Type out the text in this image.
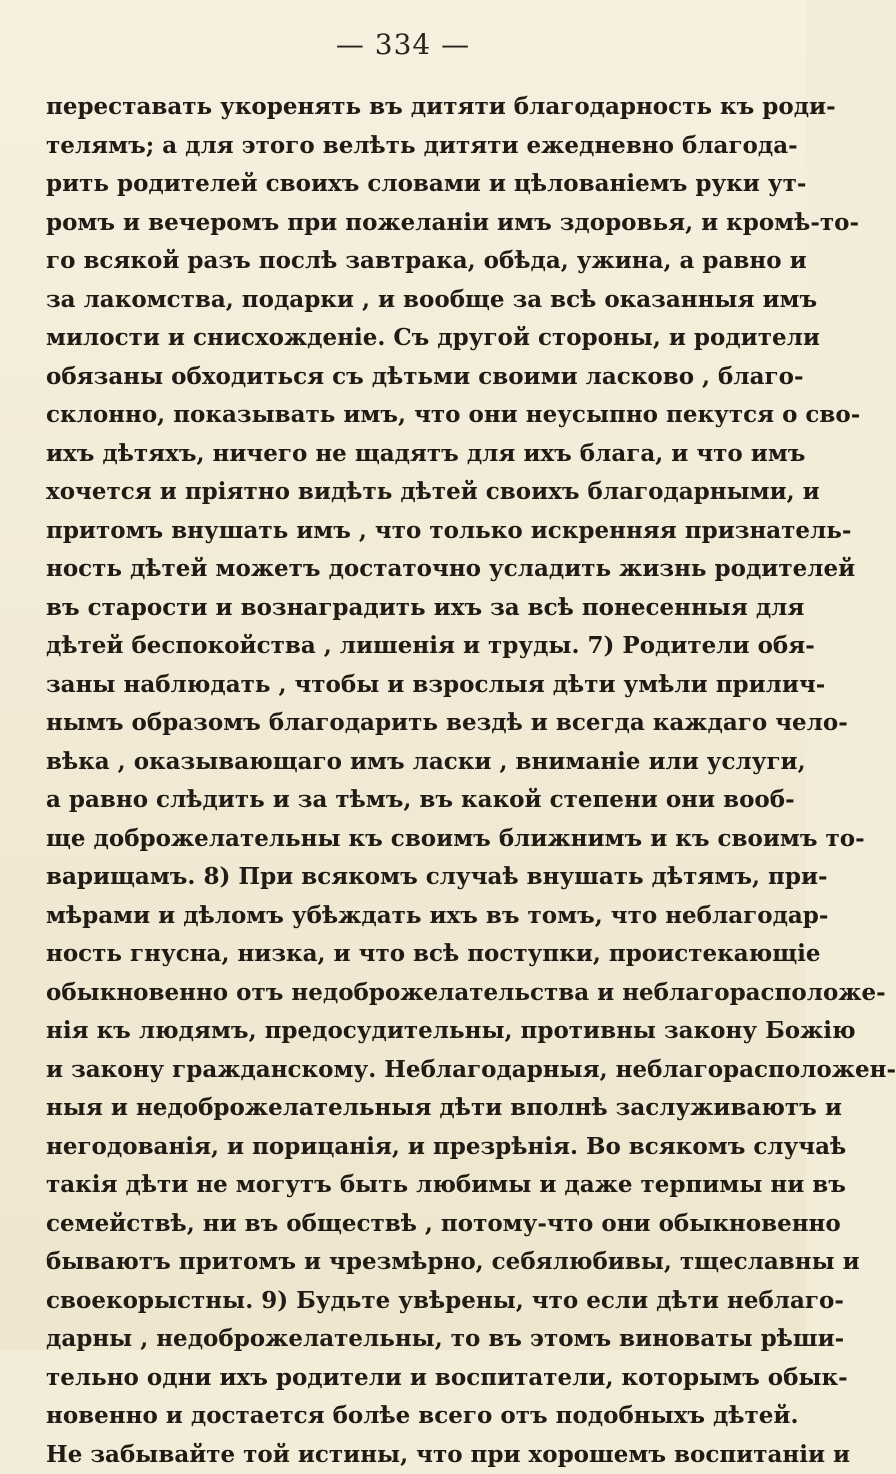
— 334 —
переставать укоренять въ дитяти благодарность къ роди-
телямъ; а для этого велѣть дитяти ежедневно благода-
рить родителей своихъ словами и цѣлованіемъ руки ут-
ромъ и вечеромъ при пожеланіи имъ здоровья, и кромѣ-то-
го всякой разъ послѣ завтрака, обѣда, ужина, а равно и
за лакомства, подарки , и вообще за всѣ оказанныя имъ
милости и снисхожденіе. Съ другой стороны, и родители
обязаны обходиться съ дѣтьми своими ласково , благо-
склонно, показывать имъ, что они неусыпно пекутся о сво-
ихъ дѣтяхъ, ничего не щадятъ для ихъ блага, и что имъ
хочется и пріятно видѣть дѣтей своихъ благодарными, и
притомъ внушать имъ , что только искренняя признатель-
ность дѣтей можетъ достаточно усладить жизнь родителей
въ старости и вознаградить ихъ за всѣ понесенныя для
дѣтей беспокойства , лишенія и труды. 7) Родители обя-
заны наблюдать , чтобы и взрослыя дѣти умѣли прилич-
нымъ образомъ благодарить вездѣ и всегда каждаго чело-
вѣка , оказывающаго имъ ласки , вниманіе или услуги,
а равно слѣдить и за тѣмъ, въ какой степени они вооб-
ще доброжелательны къ своимъ ближнимъ и къ своимъ то-
варищамъ. 8) При всякомъ случаѣ внушать дѣтямъ, при-
мѣрами и дѣломъ убѣждать ихъ въ томъ, что неблагодар-
ность гнусна, низка, и что всѣ поступки, проистекающіе
обыкновенно отъ недоброжелательства и неблагорасположе-
нія къ людямъ, предосудительны, противны закону Божію
и закону гражданскому. Неблагодарныя, неблагорасположен-
ныя и недоброжелательныя дѣти вполнѣ заслуживаютъ и
негодованія, и порицанія, и презрѣнія. Во всякомъ случаѣ
такія дѣти не могутъ быть любимы и даже терпимы ни въ
семействѣ, ни въ обществѣ , потому-что они обыкновенно
бываютъ притомъ и чрезмѣрно, себялюбивы, тщеславны и
своекорыстны. 9) Будьте увѣрены, что если дѣти неблаго-
дарны , недоброжелательны, то въ этомъ виноваты рѣши-
тельно одни ихъ родители и воспитатели, которымъ обык-
новенно и достается болѣе всего отъ подобныхъ дѣтей.
Не забывайте той истины, что при хорошемъ воспитаніи и
